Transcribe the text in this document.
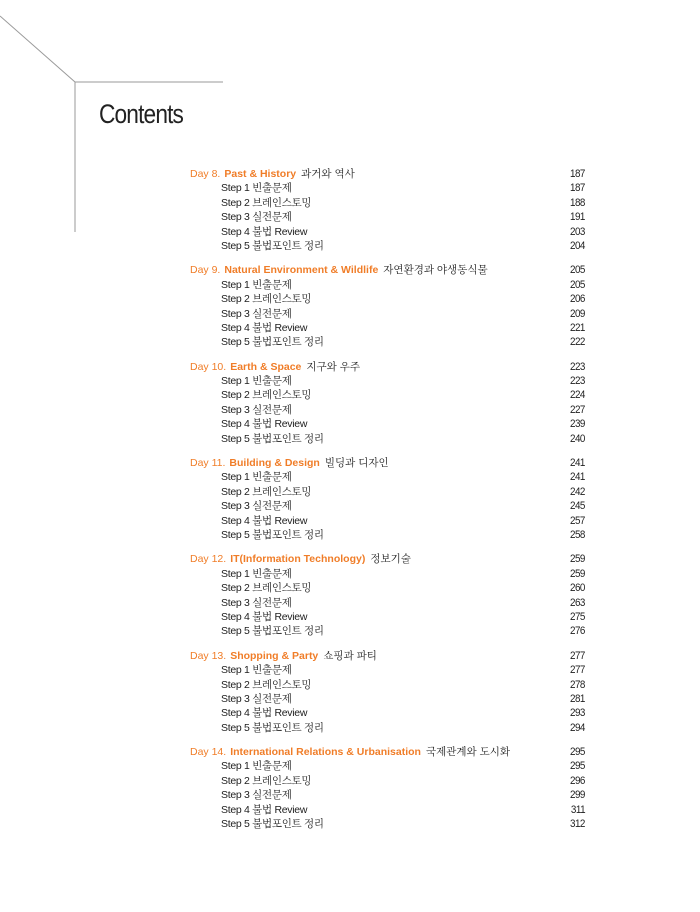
Contents
Day 8. Past & History 과거와 역사	187
Step 1 빈출문제	187
Step 2 브레인스토밍	188
Step 3 실전문제	191
Step 4 불법 Review	203
Step 5 불법포인트 정리	204
Day 9. Natural Environment & Wildlife 자연환경과 야생동식물	205
Step 1 빈출문제	205
Step 2 브레인스토밍	206
Step 3 실전문제	209
Step 4 불법 Review	221
Step 5 불법포인트 정리	222
Day 10. Earth & Space 지구와 우주	223
Step 1 빈출문제	223
Step 2 브레인스토밍	224
Step 3 실전문제	227
Step 4 불법 Review	239
Step 5 불법포인트 정리	240
Day 11. Building & Design 빌딩과 디자인	241
Step 1 빈출문제	241
Step 2 브레인스토밍	242
Step 3 실전문제	245
Step 4 불법 Review	257
Step 5 불법포인트 정리	258
Day 12. IT(Information Technology) 정보기술	259
Step 1 빈출문제	259
Step 2 브레인스토밍	260
Step 3 실전문제	263
Step 4 불법 Review	275
Step 5 불법포인트 정리	276
Day 13. Shopping & Party 쇼핑과 파티	277
Step 1 빈출문제	277
Step 2 브레인스토밍	278
Step 3 실전문제	281
Step 4 불법 Review	293
Step 5 불법포인트 정리	294
Day 14. International Relations & Urbanisation 국제관계와 도시화	295
Step 1 빈출문제	295
Step 2 브레인스토밍	296
Step 3 실전문제	299
Step 4 불법 Review	311
Step 5 불법포인트 정리	312
